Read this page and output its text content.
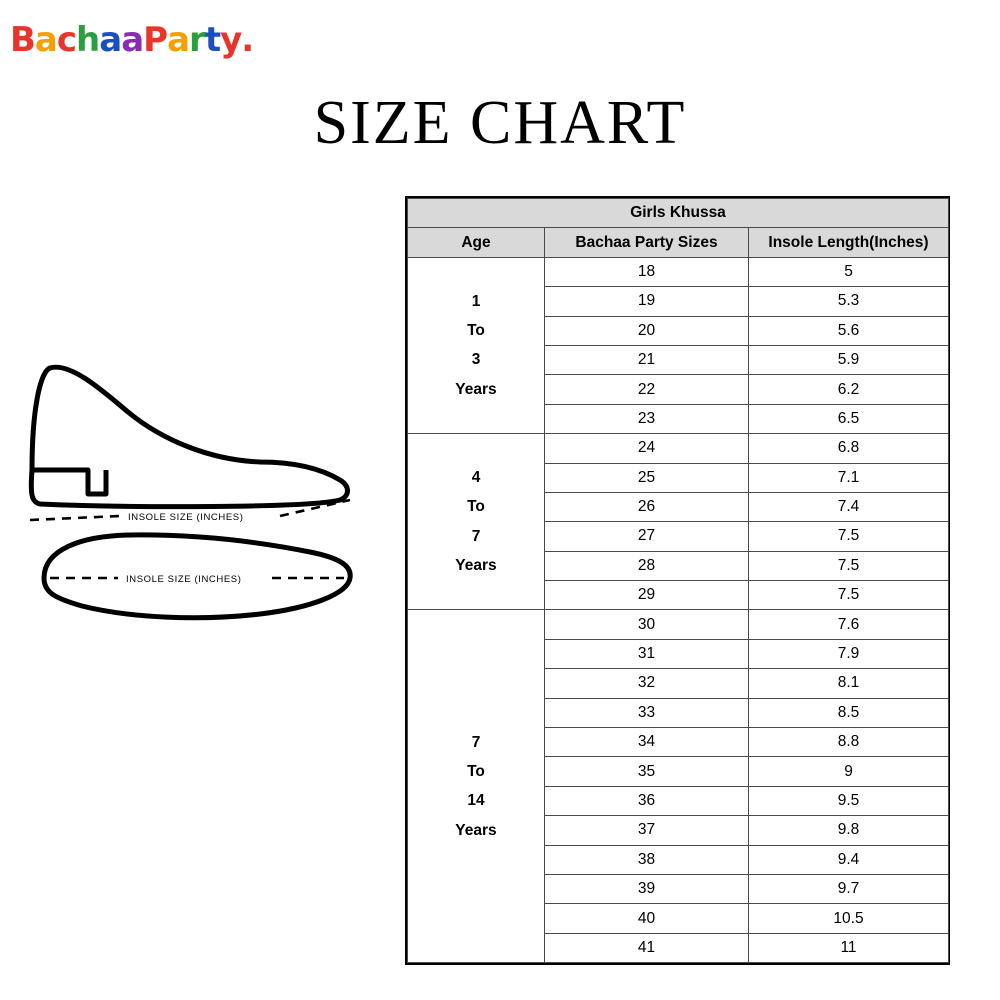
BachaaParty.
SIZE CHART
INSOLE SIZE (INCHES)
INSOLE SIZE (INCHES)
Girls Khussa		
Age	Bachaa Party Sizes	Insole Length(Inches)

1
To
3
Years	18	5
	19	5.3
	20	5.6
	21	5.9
	22	6.2
	23	6.5

4
To
7
Years	24	6.8
	25	7.1
	26	7.4
	27	7.5
	28	7.5
	29	7.5

7
To
14
Years	30	7.6
	31	7.9
	32	8.1
	33	8.5
	34	8.8
	35	9
	36	9.5
	37	9.8
	38	9.4
	39	9.7
	40	10.5
	41	11
